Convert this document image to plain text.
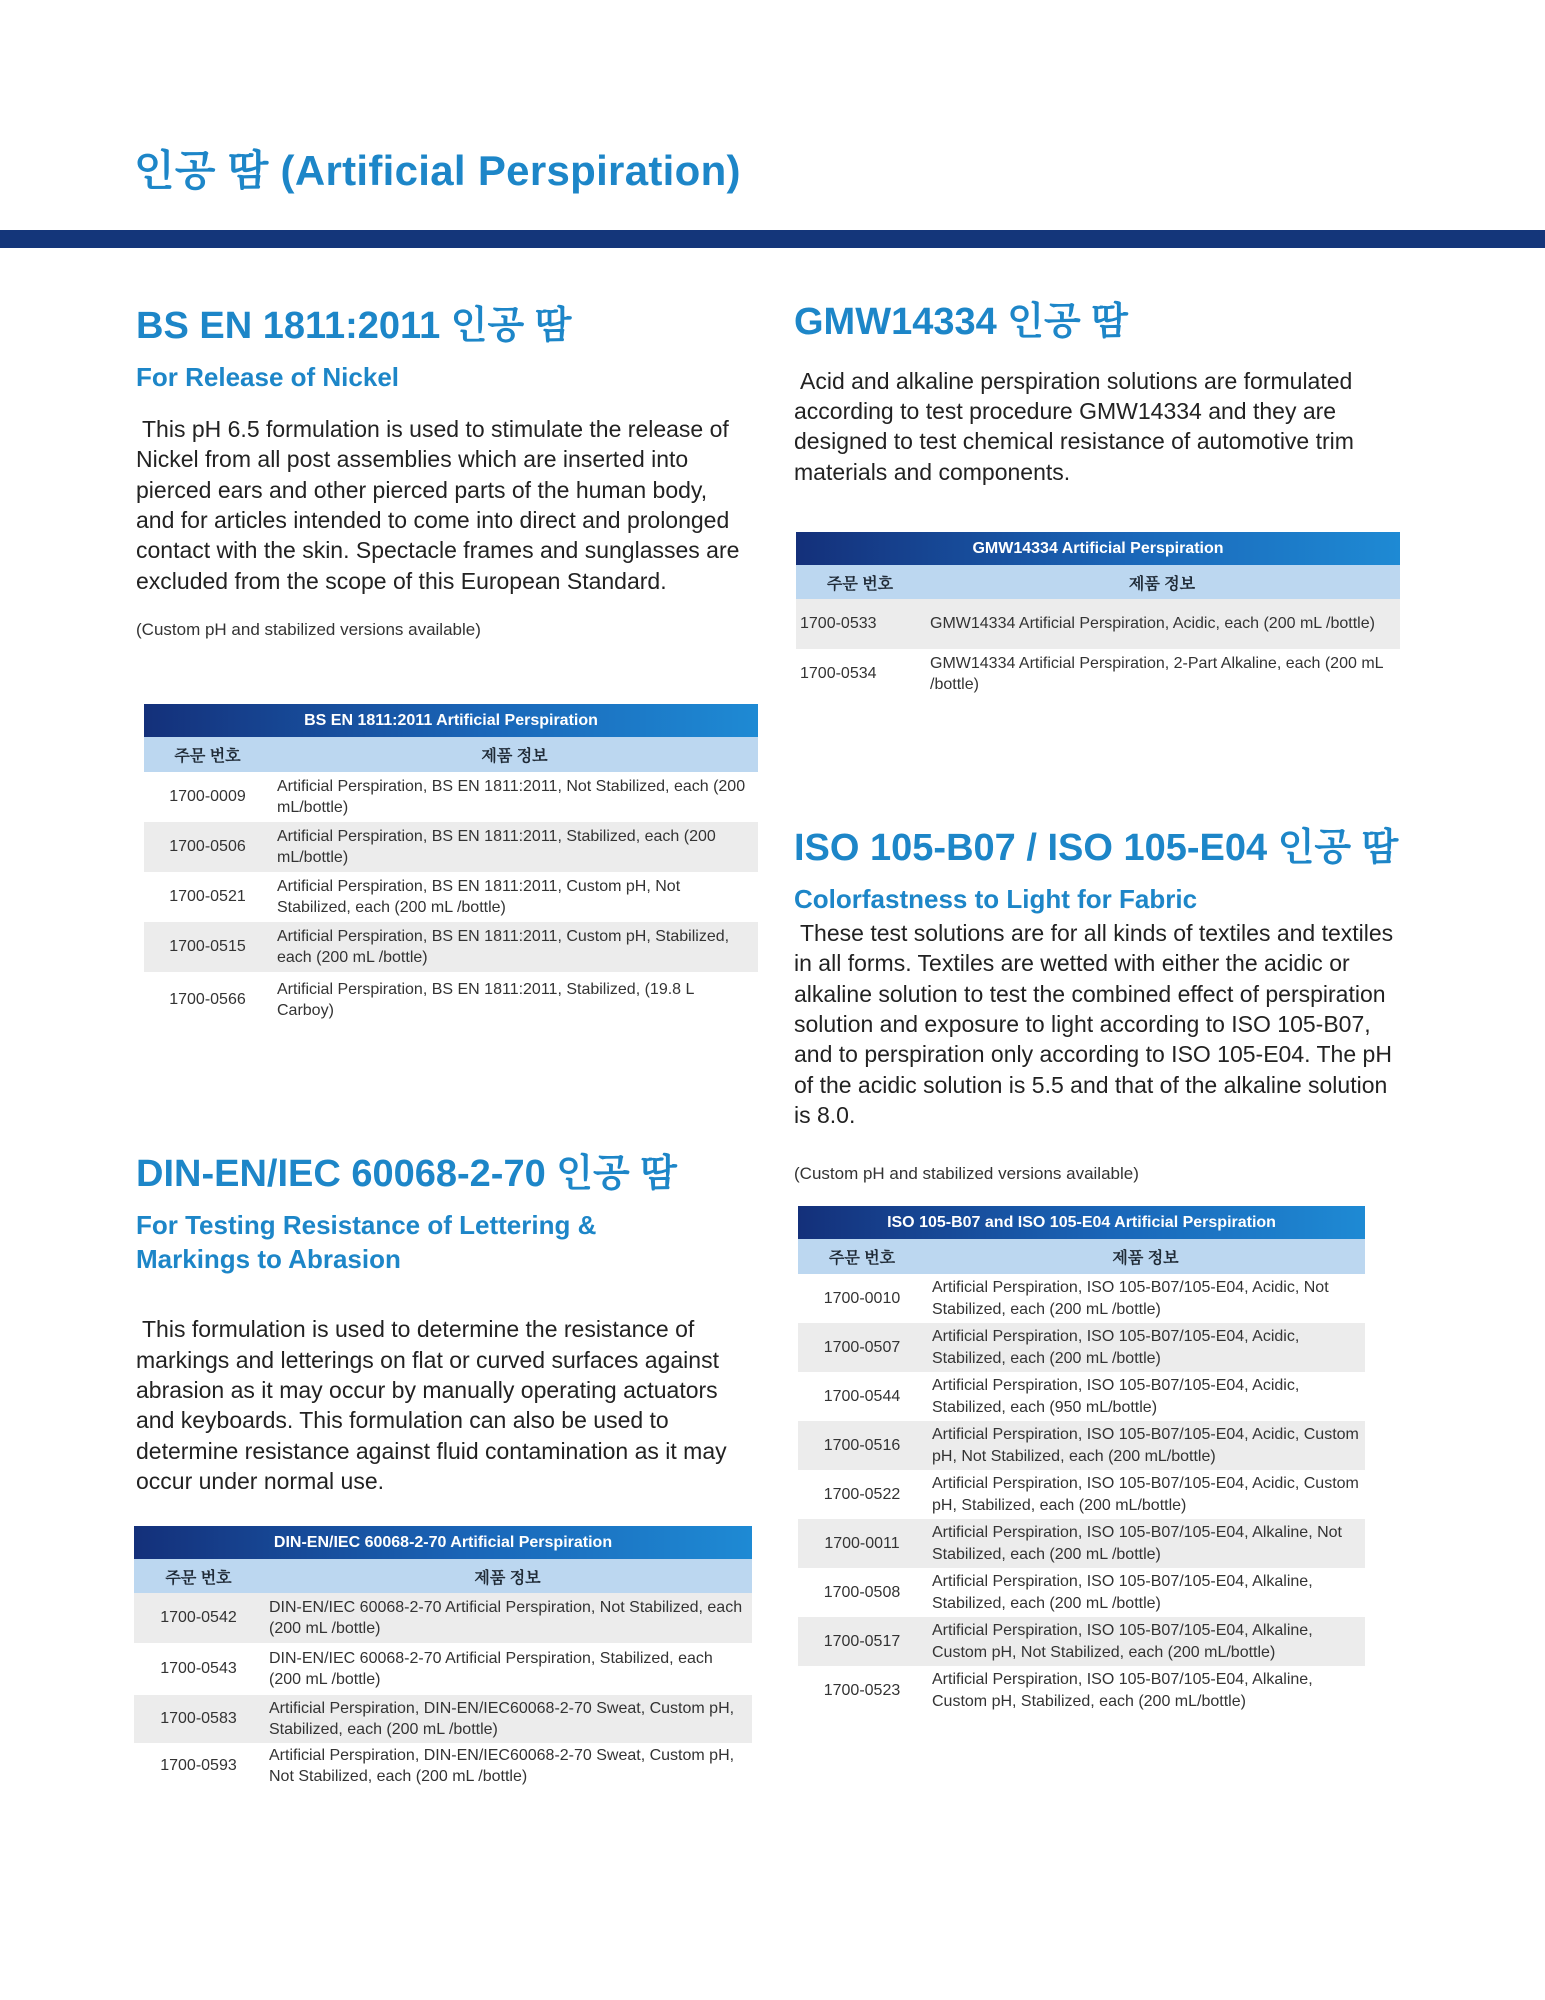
인공 땀 (Artificial Perspiration)
BS EN 1811:2011 인공 땀
For Release of Nickel
This pH 6.5 formulation is used to stimulate the release of Nickel from all post assemblies which are inserted into pierced ears and other pierced parts of the human body, and for articles intended to come into direct and prolonged contact with the skin. Spectacle frames and sunglasses are excluded from the scope of this European Standard.
(Custom pH and stabilized versions available)
BS EN 1811:2011 Artificial Perspiration	
주문 번호	제품 정보
1700-0009	Artificial Perspiration, BS EN 1811:2011, Not Stabilized, each (200 mL/bottle)
1700-0506	Artificial Perspiration, BS EN 1811:2011, Stabilized, each (200 mL/bottle)
1700-0521	Artificial Perspiration, BS EN 1811:2011, Custom pH, Not Stabilized, each (200 mL /bottle)
1700-0515	Artificial Perspiration, BS EN 1811:2011, Custom pH, Stabilized, each (200 mL /bottle)
1700-0566	Artificial Perspiration, BS EN 1811:2011, Stabilized, (19.8 L Carboy)
DIN-EN/IEC 60068-2-70 인공 땀
For Testing Resistance of Lettering & Markings to Abrasion
This formulation is used to determine the resistance of markings and letterings on flat or curved surfaces against abrasion as it may occur by manually operating actuators and keyboards. This formulation can also be used to determine resistance against fluid contamination as it may occur under normal use.
DIN-EN/IEC 60068-2-70 Artificial Perspiration	
주문 번호	제품 정보
1700-0542	DIN-EN/IEC 60068-2-70 Artificial Perspiration, Not Stabilized, each (200 mL /bottle)
1700-0543	DIN-EN/IEC 60068-2-70 Artificial Perspiration, Stabilized, each (200 mL /bottle)
1700-0583	Artificial Perspiration, DIN-EN/IEC60068-2-70 Sweat, Custom pH, Stabilized, each (200 mL /bottle)
1700-0593	Artificial Perspiration, DIN-EN/IEC60068-2-70 Sweat, Custom pH, Not Stabilized, each (200 mL /bottle)
GMW14334 인공 땀
Acid and alkaline perspiration solutions are formulated according to test procedure GMW14334 and they are designed to test chemical resistance of automotive trim materials and components.
GMW14334 Artificial Perspiration	
주문 번호	제품 정보
1700-0533	GMW14334 Artificial Perspiration, Acidic, each (200 mL /bottle)
1700-0534	GMW14334 Artificial Perspiration, 2-Part Alkaline, each (200 mL /bottle)
ISO 105-B07 / ISO 105-E04 인공 땀
Colorfastness to Light for Fabric
These test solutions are for all kinds of textiles and textiles in all forms. Textiles are wetted with either the acidic or alkaline solution to test the combined effect of perspiration solution and exposure to light according to ISO 105-B07, and to perspiration only according to ISO 105-E04. The pH of the acidic solution is 5.5 and that of the alkaline solution is 8.0.
(Custom pH and stabilized versions available)
ISO 105-B07 and ISO 105-E04 Artificial Perspiration	
주문 번호	제품 정보
1700-0010	Artificial Perspiration, ISO 105-B07/105-E04, Acidic, Not Stabilized, each (200 mL /bottle)
1700-0507	Artificial Perspiration, ISO 105-B07/105-E04, Acidic, Stabilized, each (200 mL /bottle)
1700-0544	Artificial Perspiration, ISO 105-B07/105-E04, Acidic, Stabilized, each (950 mL/bottle)
1700-0516	Artificial Perspiration, ISO 105-B07/105-E04, Acidic, Custom pH, Not Stabilized, each (200 mL/bottle)
1700-0522	Artificial Perspiration, ISO 105-B07/105-E04, Acidic, Custom pH, Stabilized, each (200 mL/bottle)
1700-0011	Artificial Perspiration, ISO 105-B07/105-E04, Alkaline, Not Stabilized, each (200 mL /bottle)
1700-0508	Artificial Perspiration, ISO 105-B07/105-E04, Alkaline, Stabilized, each (200 mL /bottle)
1700-0517	Artificial Perspiration, ISO 105-B07/105-E04, Alkaline, Custom pH, Not Stabilized, each (200 mL/bottle)
1700-0523	Artificial Perspiration, ISO 105-B07/105-E04, Alkaline, Custom pH, Stabilized, each (200 mL/bottle)
